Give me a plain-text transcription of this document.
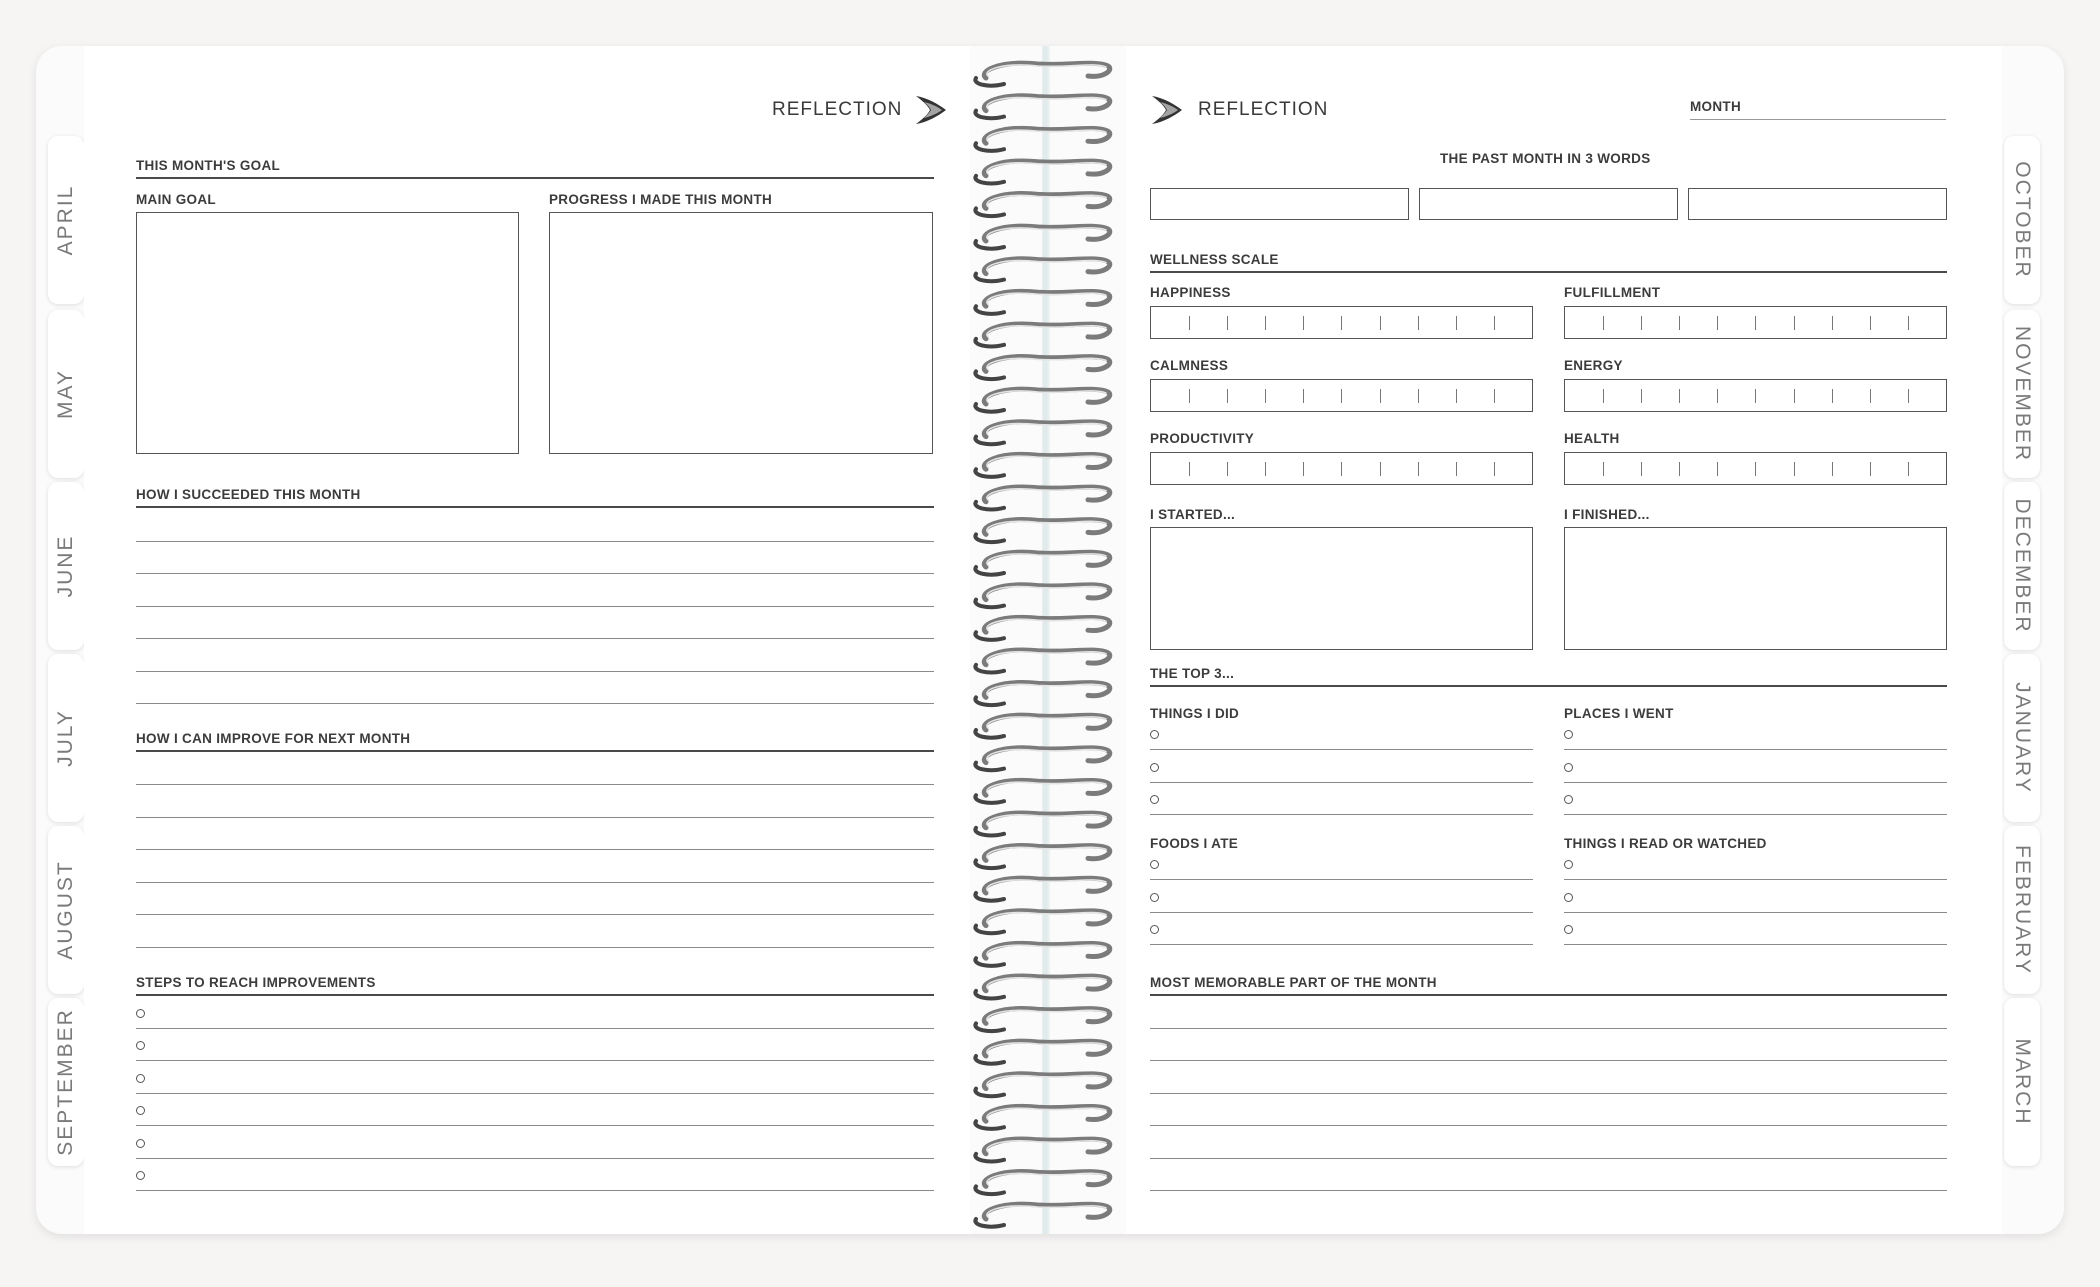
APRIL
MAY
JUNE
JULY
AUGUST
SEPTEMBER
OCTOBER
NOVEMBER
DECEMBER
JANUARY
FEBRUARY
MARCH
REFLECTION
THIS MONTH'S GOAL
MAIN GOAL	PROGRESS I MADE THIS MONTH
HOW I SUCCEEDED THIS MONTH
HOW I CAN IMPROVE FOR NEXT MONTH
STEPS TO REACH IMPROVEMENTS
REFLECTION	MONTH
THE PAST MONTH IN 3 WORDS
WELLNESS SCALE
HAPPINESS	FULFILLMENT
CALMNESS	ENERGY
PRODUCTIVITY	HEALTH
I STARTED...	I FINISHED...
THE TOP 3...
THINGS I DID	PLACES I WENT
FOODS I ATE	THINGS I READ OR WATCHED
MOST MEMORABLE PART OF THE MONTH
